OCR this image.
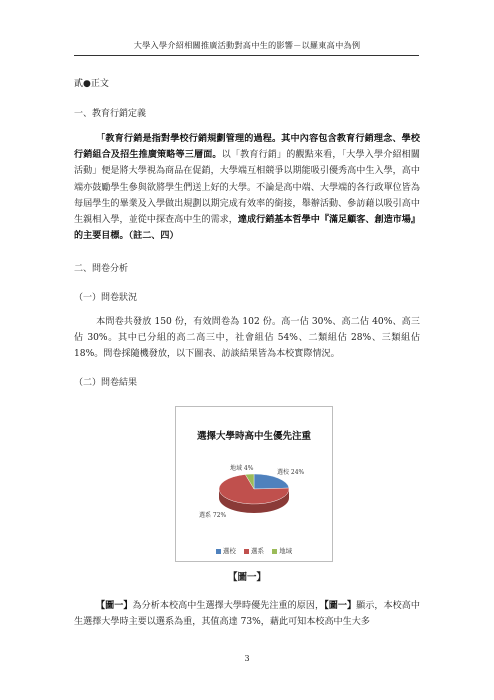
大學入學介紹相關推廣活動對高中生的影響－以羅東高中為例
貳●正文
一、教育行銷定義
「教育行銷是指對學校行銷規劃管理的過程。其中內容包含教育行銷理念、學校行銷組合及招生推廣策略等三層面。以「教育行銷」的觀點來看，「大學入學介紹相關活動」便是將大學視為商品在促銷，大學端互相競爭以期能吸引優秀高中生入學，高中端亦鼓勵學生參與欲將學生們送上好的大學。不論是高中端、大學端的各行政單位皆為每屆學生的畢業及入學做出規劃以期完成有效率的銜接，舉辦活動、參訪藉以吸引高中生親相入學，並從中探查高中生的需求，達成行銷基本哲學中『滿足顧客、創造市場』的主要目標。（註二、四）
二、問卷分析
（一）問卷狀況
本問卷共發放 150 份，有效問卷為 102 份。高一佔 30%、高二佔 40%、高三佔 30%。其中已分組的高二高三中，社會組佔 54%、二類組佔 28%、三類組佔 18%。問卷採隨機發放，以下圖表、訪談結果皆為本校實際情況。
（二）問卷結果
選擇大學時高中生優先注重
地域 4%
選校 24%
選系 72%
選校 選系 地域
【圖一】
【圖一】為分析本校高中生選擇大學時優先注重的原因，【圖一】顯示，本校高中生選擇大學時主要以選系為重，其值高達 73%，藉此可知本校高中生大多
3
